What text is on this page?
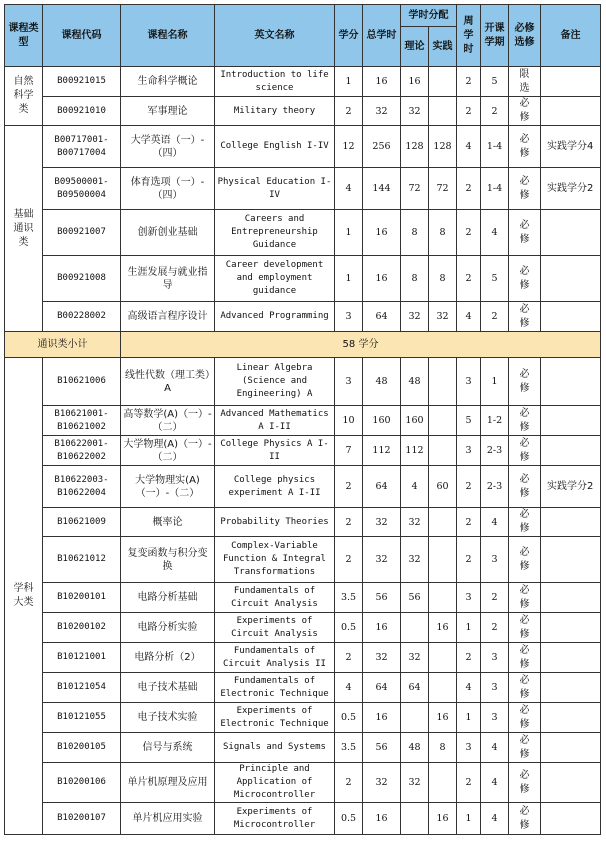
课程类型	课程代码	课程名称	英文名称	学分	总学时	学时分配		周学时	开课学期	必修选修	备注
						理论	实践				
自然科学类	B00921015	生命科学概论	Introduction to life science	1	16	16		2	5	限选	
	B00921010	军事理论	Military theory	2	32	32		2	2	必修	
基础通识类	B00717001-B00717004	大学英语（一）-（四）	College English I-IV	12	256	128	128	4	1-4	必修	实践学分4
	B09500001-B09500004	体育选项（一）-（四）	Physical Education I-IV	4	144	72	72	2	1-4	必修	实践学分2
	B00921007	创新创业基础	Careers and Entrepreneurship Guidance	1	16	8	8	2	4	必修	
	B00921008	生涯发展与就业指导	Career development and employment guidance	1	16	8	8	2	5	必修	
	B00228002	高级语言程序设计	Advanced Programming	3	64	32	32	4	2	必修	
通识类小计		58 学分									
学科大类	B10621006	线性代数（理工类）A	Linear Algebra (Science and Engineering) A	3	48	48		3	1	必修	
	B10621001-B10621002	高等数学(A)（一）-（二）	Advanced Mathematics A I-II	10	160	160		5	1-2	必修	
	B10622001-B10622002	大学物理(A)（一）-（二）	College Physics A I-II	7	112	112		3	2-3	必修	
	B10622003-B10622004	大学物理实(A)（一）-（二）	College physics experiment A I-II	2	64	4	60	2	2-3	必修	实践学分2
	B10621009	概率论	Probability Theories	2	32	32		2	4	必修	
	B10621012	复变函数与积分变换	Complex-Variable Function & Integral Transformations	2	32	32		2	3	必修	
	B10200101	电路分析基础	Fundamentals of Circuit Analysis	3.5	56	56		3	2	必修	
	B10200102	电路分析实验	Experiments of Circuit Analysis	0.5	16		16	1	2	必修	
	B10121001	电路分析（2）	Fundamentals of Circuit Analysis II	2	32	32		2	3	必修	
	B10121054	电子技术基础	Fundamentals of Electronic Technique	4	64	64		4	3	必修	
	B10121055	电子技术实验	Experiments of Electronic Technique	0.5	16		16	1	3	必修	
	B10200105	信号与系统	Signals and Systems	3.5	56	48	8	3	4	必修	
	B10200106	单片机原理及应用	Principle and Application of Microcontroller	2	32	32		2	4	必修	
	B10200107	单片机应用实验	Experiments of Microcontroller	0.5	16		16	1	4	必修	
